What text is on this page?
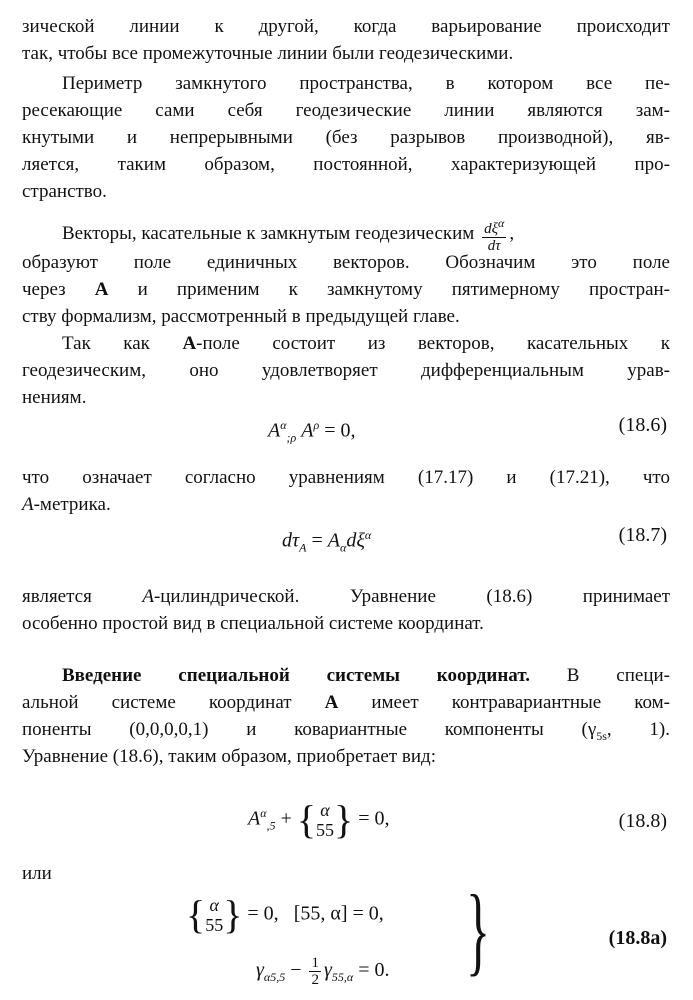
зической линии к другой, когда варьирование происходит
так, чтобы все промежуточные линии были геодезическими.
Периметр замкнутого пространства, в котором все пе-
ресекающие сами себя геодезические линии являются зам-
кнутыми и непрерывными (без разрывов производной), яв-
ляется, таким образом, постоянной, характеризующей про-
странство.
Векторы, касательные к замкнутым геодезическим $\frac{d\xi^\alpha}{d\tau}$ ,
образуют поле единичных векторов. Обозначим это поле
через А и применим к замкнутому пятимерному простран-
ству формализм, рассмотренный в предыдущей главе.
Так как А-поле состоит из векторов, касательных к
геодезическим, оно удовлетворяет дифференциальным урав-
нениям.
$A^\alpha_{;\rho}$ $A^\rho = 0$,	(18.6)
что означает согласно уравнениям (17.17) и (17.21), что
A-метрика.
$d\tau_A = A_\alpha d\xi^\alpha$	(18.7)
является	A-цилиндрической. Уравнение (18.6) принимает
особенно простой вид в специальной системе координат.
Введение специальной системы координат. В специ-
альной системе координат А имеет контравариантные ком-
поненты (0,0,0,0,1) и ковариантные компоненты ($\gamma_{5s}$, 1).
Уравнение (18.6), таким образом, приобретает вид:
$A^\alpha_{,5}$ + { α
55 } = 0,	(18.8)
или
{ α
55 } = 0, [55, α] = 0,
$\gamma_{\alpha 5,5} - \frac{1}{2} \gamma_{55,\alpha} = 0$. }	(18.8а)
